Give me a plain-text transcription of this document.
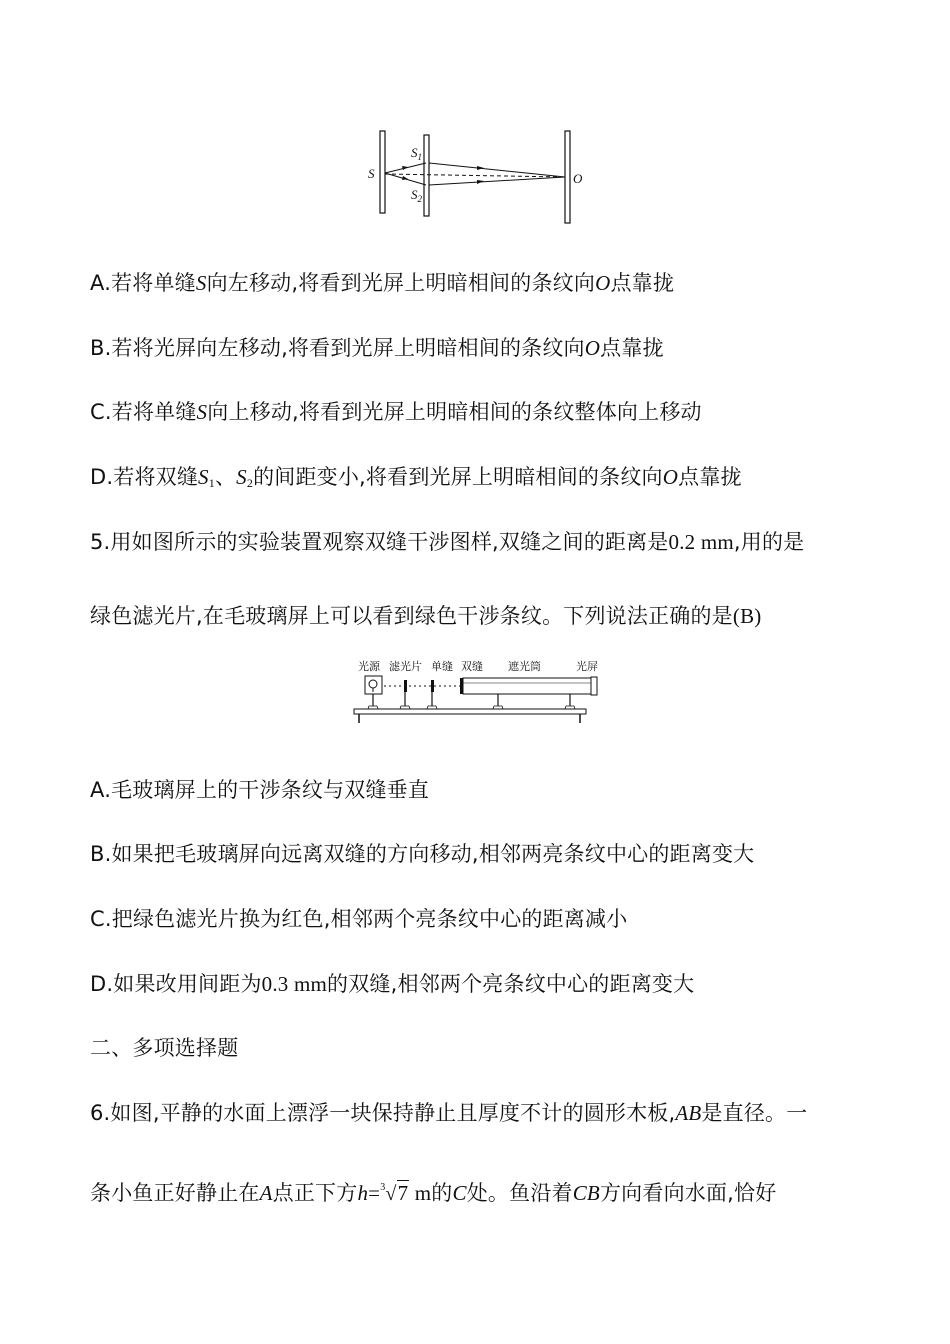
S
$S_1$
$S_2$
O
A.若将单缝S向左移动,将看到光屏上明暗相间的条纹向O点靠拢
B.若将光屏向左移动,将看到光屏上明暗相间的条纹向O点靠拢
C.若将单缝S向上移动,将看到光屏上明暗相间的条纹整体向上移动
D.若将双缝$S_1$、$S_2$的间距变小,将看到光屏上明暗相间的条纹向O点靠拢
5.用如图所示的实验装置观察双缝干涉图样,双缝之间的距离是0.2 mm,用的是
绿色滤光片,在毛玻璃屏上可以看到绿色干涉条纹。下列说法正确的是(B)
光源 滤光片 单缝 双缝 遮光筒	光屏
A.毛玻璃屏上的干涉条纹与双缝垂直
B.如果把毛玻璃屏向远离双缝的方向移动,相邻两亮条纹中心的距离变大
C.把绿色滤光片换为红色,相邻两个亮条纹中心的距离减小
D.如果改用间距为0.3 mm的双缝,相邻两个亮条纹中心的距离变大
二、多项选择题
6.如图,平静的水面上漂浮一块保持静止且厚度不计的圆形木板,AB是直径。一
条小鱼正好静止在A点正下方h=$^3$√7 m的C处。鱼沿着CB方向看向水面,恰好
